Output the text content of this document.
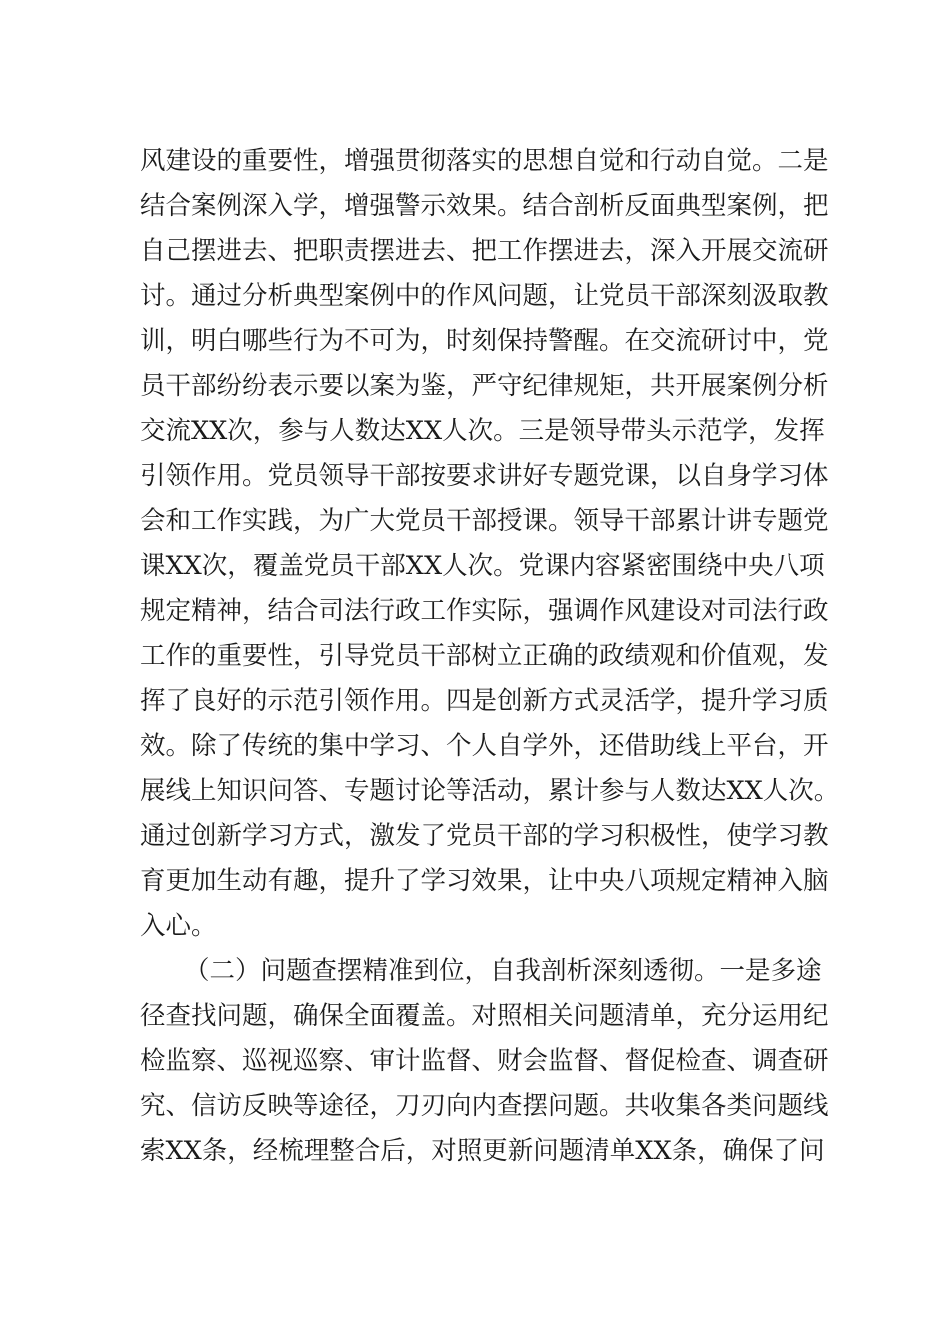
风建设的重要性，增强贯彻落实的思想自觉和行动自觉。二是
结合案例深入学，增强警示效果。结合剖析反面典型案例，把
自己摆进去、把职责摆进去、把工作摆进去，深入开展交流研
讨。通过分析典型案例中的作风问题，让党员干部深刻汲取教
训，明白哪些行为不可为，时刻保持警醒。在交流研讨中，党
员干部纷纷表示要以案为鉴，严守纪律规矩，共开展案例分析
交流XX次，参与人数达XX人次。三是领导带头示范学，发挥
引领作用。党员领导干部按要求讲好专题党课，以自身学习体
会和工作实践，为广大党员干部授课。领导干部累计讲专题党
课XX次，覆盖党员干部XX人次。党课内容紧密围绕中央八项
规定精神，结合司法行政工作实际，强调作风建设对司法行政
工作的重要性，引导党员干部树立正确的政绩观和价值观，发
挥了良好的示范引领作用。四是创新方式灵活学，提升学习质
效。除了传统的集中学习、个人自学外，还借助线上平台，开
展线上知识问答、专题讨论等活动，累计参与人数达XX人次。
通过创新学习方式，激发了党员干部的学习积极性，使学习教
育更加生动有趣，提升了学习效果，让中央八项规定精神入脑
入心。
（二）问题查摆精准到位，自我剖析深刻透彻。一是多途
径查找问题，确保全面覆盖。对照相关问题清单，充分运用纪
检监察、巡视巡察、审计监督、财会监督、督促检查、调查研
究、信访反映等途径，刀刃向内查摆问题。共收集各类问题线
索XX条，经梳理整合后，对照更新问题清单XX条，确保了问
